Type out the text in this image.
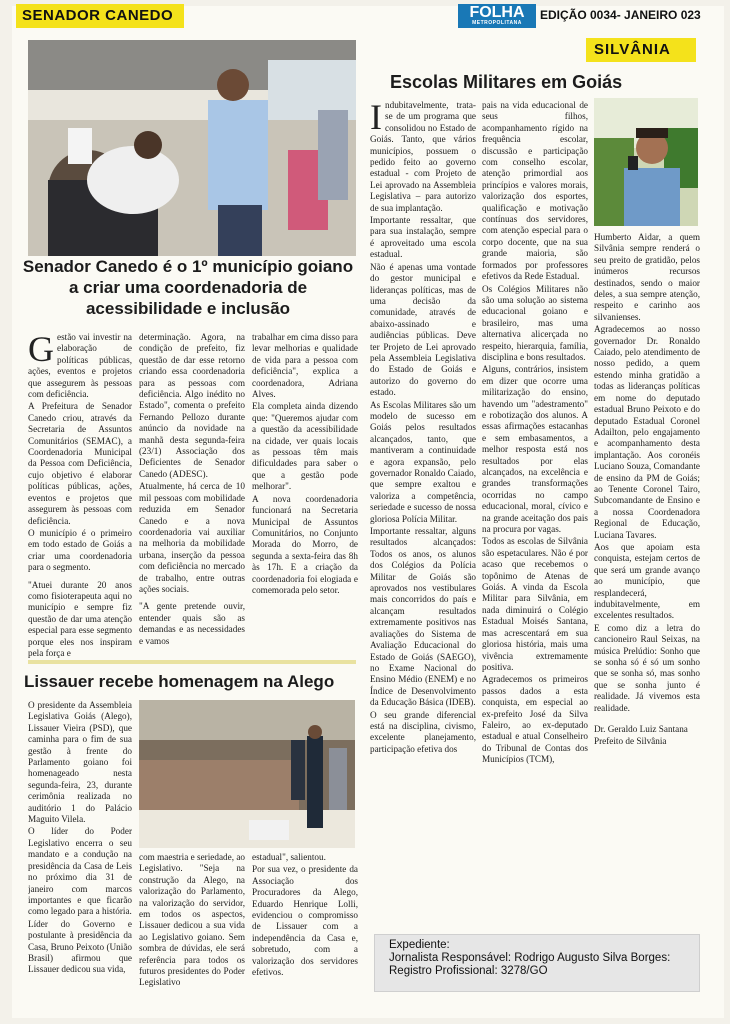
SENADOR CANEDO	FOLHA
METROPOLITANA
EDIÇÃO 0034- JANEIRO 023
SILVÂNIA
Senador Canedo é o 1º município goiano a criar uma coordenadoria de acessibilidade e inclusão
G estão vai investir na elaboração de políticas públicas, ações, eventos e projetos que assegurem às pessoas com deficiência.

A Prefeitura de Senador Canedo criou, através da Secretaria de Assuntos Comunitários (SEMAC), a Coordenadoria Municipal da Pessoa com Deficiência, cujo objetivo é elaborar políticas públicas, ações, eventos e projetos que assegurem às pessoas com deficiência.

O município é o primeiro em todo estado de Goiás a criar uma coordenadoria para o segmento.

"Atuei durante 20 anos como fisioterapeuta aqui no município e sempre fiz questão de dar uma atenção especial para esse segmento porque eles nos inspiram pela força e

determinação. Agora, na condição de prefeito, fiz questão de dar esse retorno criando essa coordenadoria para as pessoas com deficiência. Algo inédito no Estado", comenta o prefeito Fernando Pellozo durante anúncio da novidade na manhã desta segunda-feira (23/1) Associação dos Deficientes de Senador Canedo (ADESC).

Atualmente, há cerca de 10 mil pessoas com mobilidade reduzida em Senador Canedo e a nova coordenadoria vai auxiliar na melhoria da mobilidade urbana, inserção da pessoa com deficiência no mercado de trabalho, entre outras ações sociais.

"A gente pretende ouvir, entender quais são as demandas e as necessidades e vamos

trabalhar em cima disso para levar melhorias e qualidade de vida para a pessoa com deficiência", explica a coordenadora, Adriana Alves.

Ela completa ainda dizendo que: "Queremos ajudar com a questão da acessibilidade na cidade, ver quais locais as pessoas têm mais dificuldades para saber o que a gestão pode melhorar".

A nova coordenadoria funcionará na Secretaria Municipal de Assuntos Comunitários, no Conjunto Morada do Morro, de segunda a sexta-feira das 8h às 17h. E a criação da coordenadoria foi elogiada e comemorada pelo setor.

Lissauer recebe homenagem na Alego

O presidente da Assembleia Legislativa Goiás (Alego), Lissauer Vieira (PSD), que caminha para o fim de sua gestão à frente do Parlamento goiano foi homenageado nesta segunda-feira, 23, durante cerimônia realizada no auditório 1 do Palácio Maguito Vilela.

O líder do Poder Legislativo encerra o seu mandato e a condução na presidência da Casa de Leis no próximo dia 31 de janeiro com marcos importantes e que ficarão como legado para a história.

Líder do Governo e postulante à presidência da Casa, Bruno Peixoto (União Brasil) afirmou que Lissauer dedicou sua vida,

com maestria e seriedade, ao Legislativo. "Seja na construção da Alego, na valorização do Parlamento, na valorização do servidor, em todos os aspectos, Lissauer dedicou a sua vida ao Legislativo goiano. Sem sombra de dúvidas, ele será referência para todos os futuros presidentes do Poder Legislativo

estadual", salientou.

Por sua vez, o presidente da Associação dos Procuradores da Alego, Eduardo Henrique Lolli, evidenciou o compromisso de Lissauer com a independência da Casa e, sobretudo, com a valorização dos servidores efetivos.

Escolas Militares em Goiás
I ndubitavelmente, trata-se de um programa que consolidou no Estado de Goiás. Tanto, que vários municípios, possuem o pedido feito ao governo estadual - com Projeto de Lei aprovado na Assembleia Legislativa – para autorizo de sua implantação.

Importante ressaltar, que para sua instalação, sempre é aproveitado uma escola estadual.

Não é apenas uma vontade do gestor municipal e lideranças políticas, mas de uma decisão da comunidade, através de abaixo-assinado e audiências públicas. Deve ter Projeto de Lei aprovado pela Assembleia Legislativa do Estado de Goiás e autorizo do governo do estado.

As Escolas Militares são um modelo de sucesso em Goiás pelos resultados alcançados, tanto, que mantiveram a continuidade e agora expansão, pelo governador Ronaldo Caiado, que sempre exaltou e valoriza a competência, seriedade e sucesso de nossa gloriosa Polícia Militar.

Importante ressaltar, alguns resultados alcançados: Todos os anos, os alunos dos Colégios da Polícia Militar de Goiás são aprovados nos vestibulares mais concorridos do país e alcançam resultados extremamente positivos nas avaliações do Sistema de Avaliação Educacional do Estado de Goiás (SAEGO), no Exame Nacional do Ensino Médio (ENEM) e no Índice de Desenvolvimento da Educação Básica (IDEB).

O seu grande diferencial está na disciplina, civismo, excelente planejamento, participação efetiva dos

pais na vida educacional de seus filhos, acompanhamento rígido na frequência escolar, discussão e participação com conselho escolar, atenção primordial aos princípios e valores morais, valorização dos esportes, qualificação e motivação contínuas dos servidores, com atenção especial para o corpo docente, que na sua grande maioria, são formados por professores efetivos da Rede Estadual.

Os Colégios Militares não são uma solução ao sistema educacional goiano e brasileiro, mas uma alternativa alicerçada no respeito, hierarquia, família, disciplina e bons resultados.

Alguns, contrários, insistem em dizer que ocorre uma militarização do ensino, havendo um "adestramento" e robotização dos alunos. A essas afirmações estacanhas e sem embasamentos, a melhor resposta está nos resultados por elas alcançados, na excelência e grandes transformações ocorridas no campo educacional, moral, cívico e na grande aceitação dos pais na procura por vagas.

Todos as escolas de Silvânia são espetaculares. Não é por acaso que recebemos o topônimo de Atenas de Goiás. A vinda da Escola Militar para Silvânia, em nada diminuirá o Colégio Estadual Moisés Santana, mas acrescentará em sua gloriosa história, mais uma vivência extremamente positiva.

Agradecemos os primeiros passos dados a esta conquista, em especial ao ex-prefeito José da Silva Faleiro, ao ex-deputado estadual e atual Conselheiro do Tribunal de Contas dos Municípios (TCM),

Humberto Aidar, a quem Silvânia sempre renderá o seu preito de gratidão, pelos inúmeros recursos destinados, sendo o maior deles, a sua sempre atenção, respeito e carinho aos silvanienses.

Agradecemos ao nosso governador Dr. Ronaldo Caiado, pelo atendimento de nosso pedido, a quem estendo minha gratidão a todas as lideranças políticas em nome do deputado estadual Bruno Peixoto e do deputado Estadual Coronel Adailton, pelo engajamento e acompanhamento desta implantação. Aos coronéis Luciano Souza, Comandante de ensino da PM de Goiás; ao Tenente Coronel Tairo, Subcomandante de Ensino e a nossa Coordenadora Regional de Educação, Luciana Tavares.

Aos que apoiam esta conquista, estejam certos de que será um grande avanço ao município, que resplandecerá, indubitavelmente, em excelentes resultados.

E como diz a letra do cancioneiro Raul Seixas, na música Prelúdio: Sonho que se sonha só é só um sonho que se sonha só, mas sonho que se sonha junto é realidade. Já vivemos esta realidade.

Dr. Geraldo Luiz Santana

Prefeito de Silvânia

Expediente:
Jornalista Responsável: Rodrigo Augusto Silva Borges:
Registro Profissional: 3278/GO
